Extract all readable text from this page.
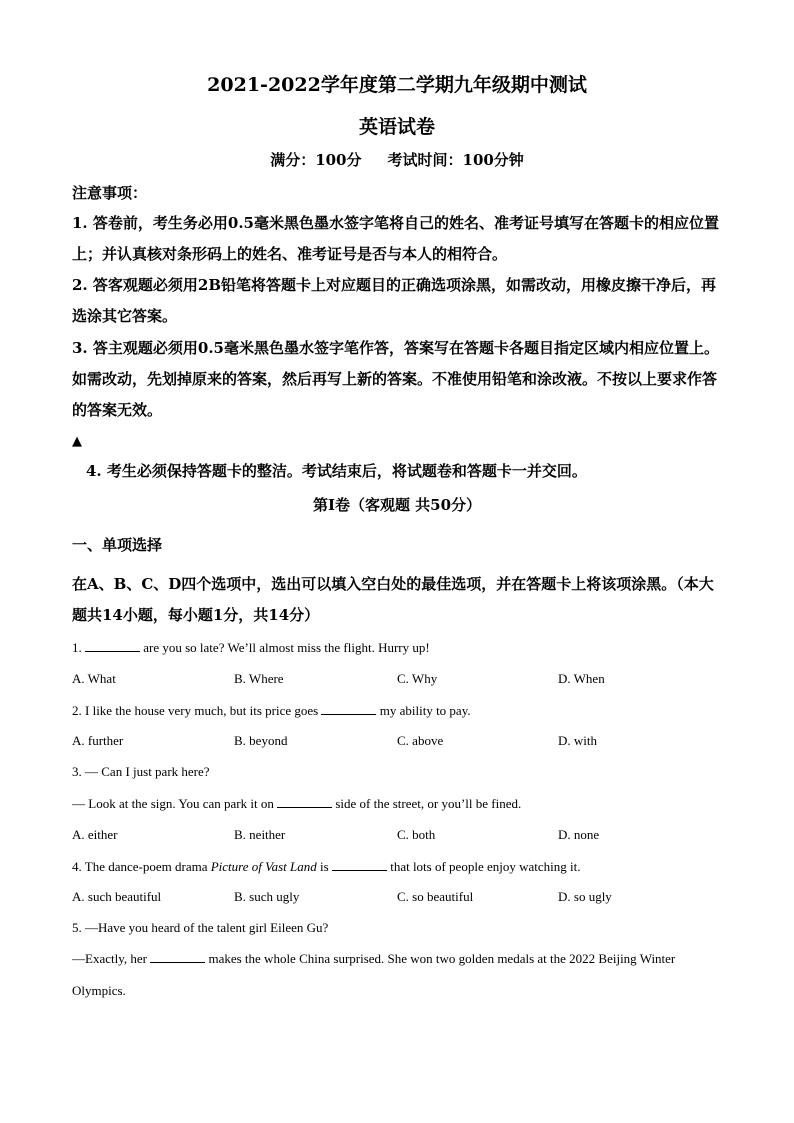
2021-2022学年度第二学期九年级期中测试
英语试卷
满分：100分 考试时间：100分钟
注意事项：
1. 答卷前，考生务必用0.5毫米黑色墨水签字笔将自己的姓名、准考证号填写在答题卡的相应位置上；并认真核对条形码上的姓名、准考证号是否与本人的相符合。
2. 答客观题必须用2B铅笔将答题卡上对应题目的正确选项涂黑，如需改动，用橡皮擦干净后，再选涂其它答案。
3. 答主观题必须用0.5毫米黑色墨水签字笔作答，答案写在答题卡各题目指定区域内相应位置上。如需改动，先划掉原来的答案，然后再写上新的答案。不准使用铅笔和涂改液。不按以上要求作答的答案无效。
▲
4. 考生必须保持答题卡的整洁。考试结束后，将试题卷和答题卡一并交回。
第I卷（客观题 共50分）
一、单项选择
在A、B、C、D四个选项中，选出可以填入空白处的最佳选项，并在答题卡上将该项涂黑。（本大题共14小题，每小题1分，共14分）
1.	are you so late? We’ll almost miss the flight. Hurry up!
A. What	B. Where	C. Why	D. When
2. I like the house very much, but its price goes	my ability to pay.
A. further	B. beyond	C. above	D. with
3. — Can I just park here?
— Look at the sign. You can park it on	side of the street, or you’ll be fined.
A. either	B. neither	C. both	D. none
4. The dance-poem drama Picture of Vast Land is	that lots of people enjoy watching it.
A. such beautiful	B. such ugly	C. so beautiful	D. so ugly
5. —Have you heard of the talent girl Eileen Gu?
—Exactly, her	makes the whole China surprised. She won two golden medals at the 2022 Beijing Winter Olympics.
